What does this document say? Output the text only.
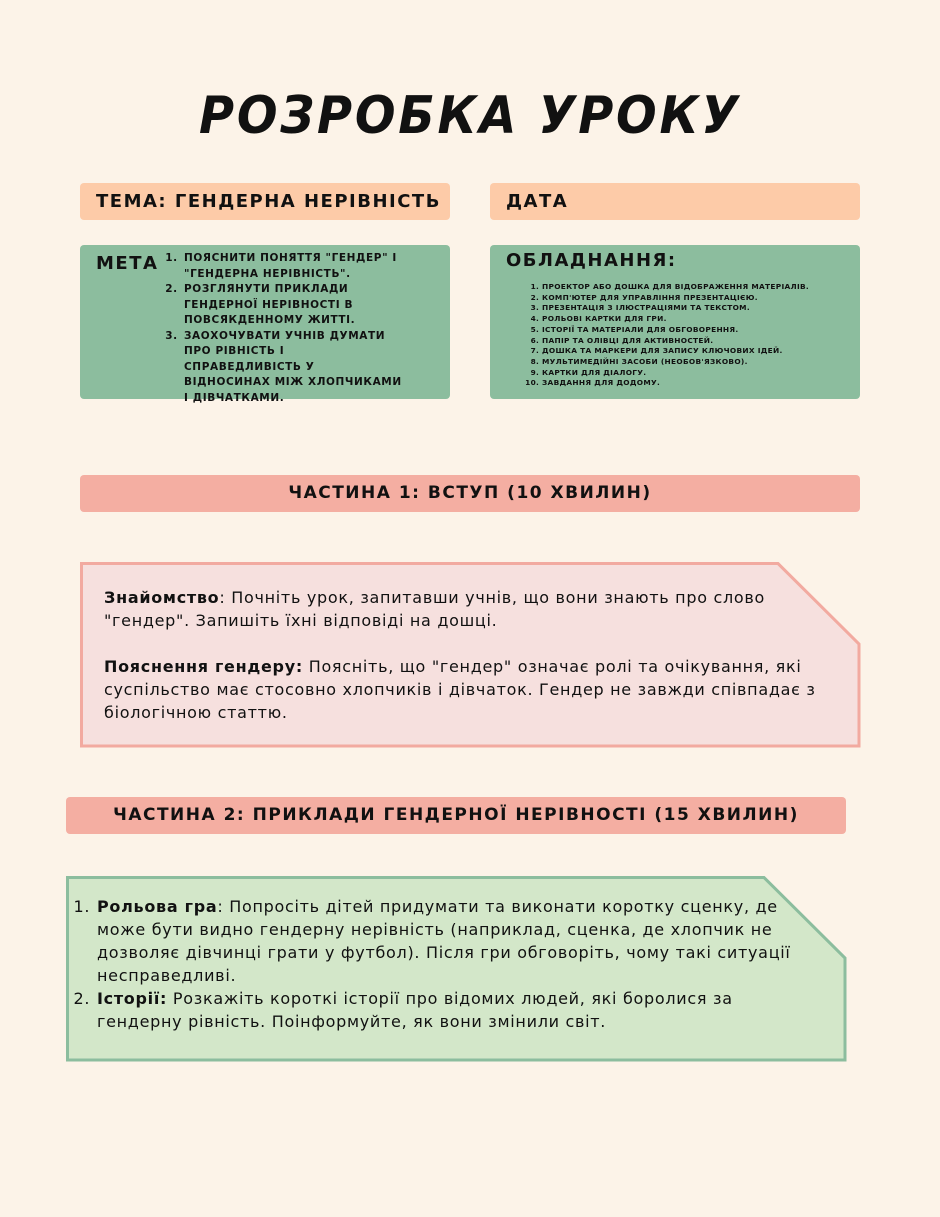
РОЗРОБКА УРОКУ
ТЕМА: ГЕНДЕРНА НЕРІВНІСТЬ	ДАТА
МЕТА
1. ПОЯСНИТИ ПОНЯТТЯ "ГЕНДЕР" І "ГЕНДЕРНА НЕРІВНІСТЬ".
2. РОЗГЛЯНУТИ ПРИКЛАДИ ГЕНДЕРНОЇ НЕРІВНОСТІ В ПОВСЯКДЕННОМУ ЖИТТІ.
3. ЗАОХОЧУВАТИ УЧНІВ ДУМАТИ ПРО РІВНІСТЬ І СПРАВЕДЛИВІСТЬ У ВІДНОСИНАХ МІЖ ХЛОПЧИКАМИ І ДІВЧАТКАМИ.
ОБЛАДНАННЯ:
1. ПРОЕКТОР АБО ДОШКА ДЛЯ ВІДОБРАЖЕННЯ МАТЕРІАЛІВ.
2. КОМП'ЮТЕР ДЛЯ УПРАВЛІННЯ ПРЕЗЕНТАЦІЄЮ.
3. ПРЕЗЕНТАЦІЯ З ІЛЮСТРАЦІЯМИ ТА ТЕКСТОМ.
4. РОЛЬОВІ КАРТКИ ДЛЯ ГРИ.
5. ІСТОРІЇ ТА МАТЕРІАЛИ ДЛЯ ОБГОВОРЕННЯ.
6. ПАПІР ТА ОЛІВЦІ ДЛЯ АКТИВНОСТЕЙ.
7. ДОШКА ТА МАРКЕРИ ДЛЯ ЗАПИСУ КЛЮЧОВИХ ІДЕЙ.
8. МУЛЬТИМЕДІЙНІ ЗАСОБИ (НЕОБОВ'ЯЗКОВО).
9. КАРТКИ ДЛЯ ДІАЛОГУ.
10. ЗАВДАННЯ ДЛЯ ДОДОМУ.
ЧАСТИНА 1: ВСТУП (10 ХВИЛИН)

Знайомство: Почніть урок, запитавши учнів, що вони знають про слово "гендер". Запишіть їхні відповіді на дошці.

Пояснення гендеру: Поясніть, що "гендер" означає ролі та очікування, які суспільство має стосовно хлопчиків і дівчаток. Гендер не завжди співпадає з біологічною статтю.

ЧАСТИНА 2: ПРИКЛАДИ ГЕНДЕРНОЇ НЕРІВНОСТІ (15 ХВИЛИН)
1. Рольова гра: Попросіть дітей придумати та виконати коротку сценку, де може бути видно гендерну нерівність (наприклад, сценка, де хлопчик не дозволяє дівчинці грати у футбол). Після гри обговоріть, чому такі ситуації несправедливі.
2. Історії: Розкажіть короткі історії про відомих людей, які боролися за гендерну рівність. Поінформуйте, як вони змінили світ.
